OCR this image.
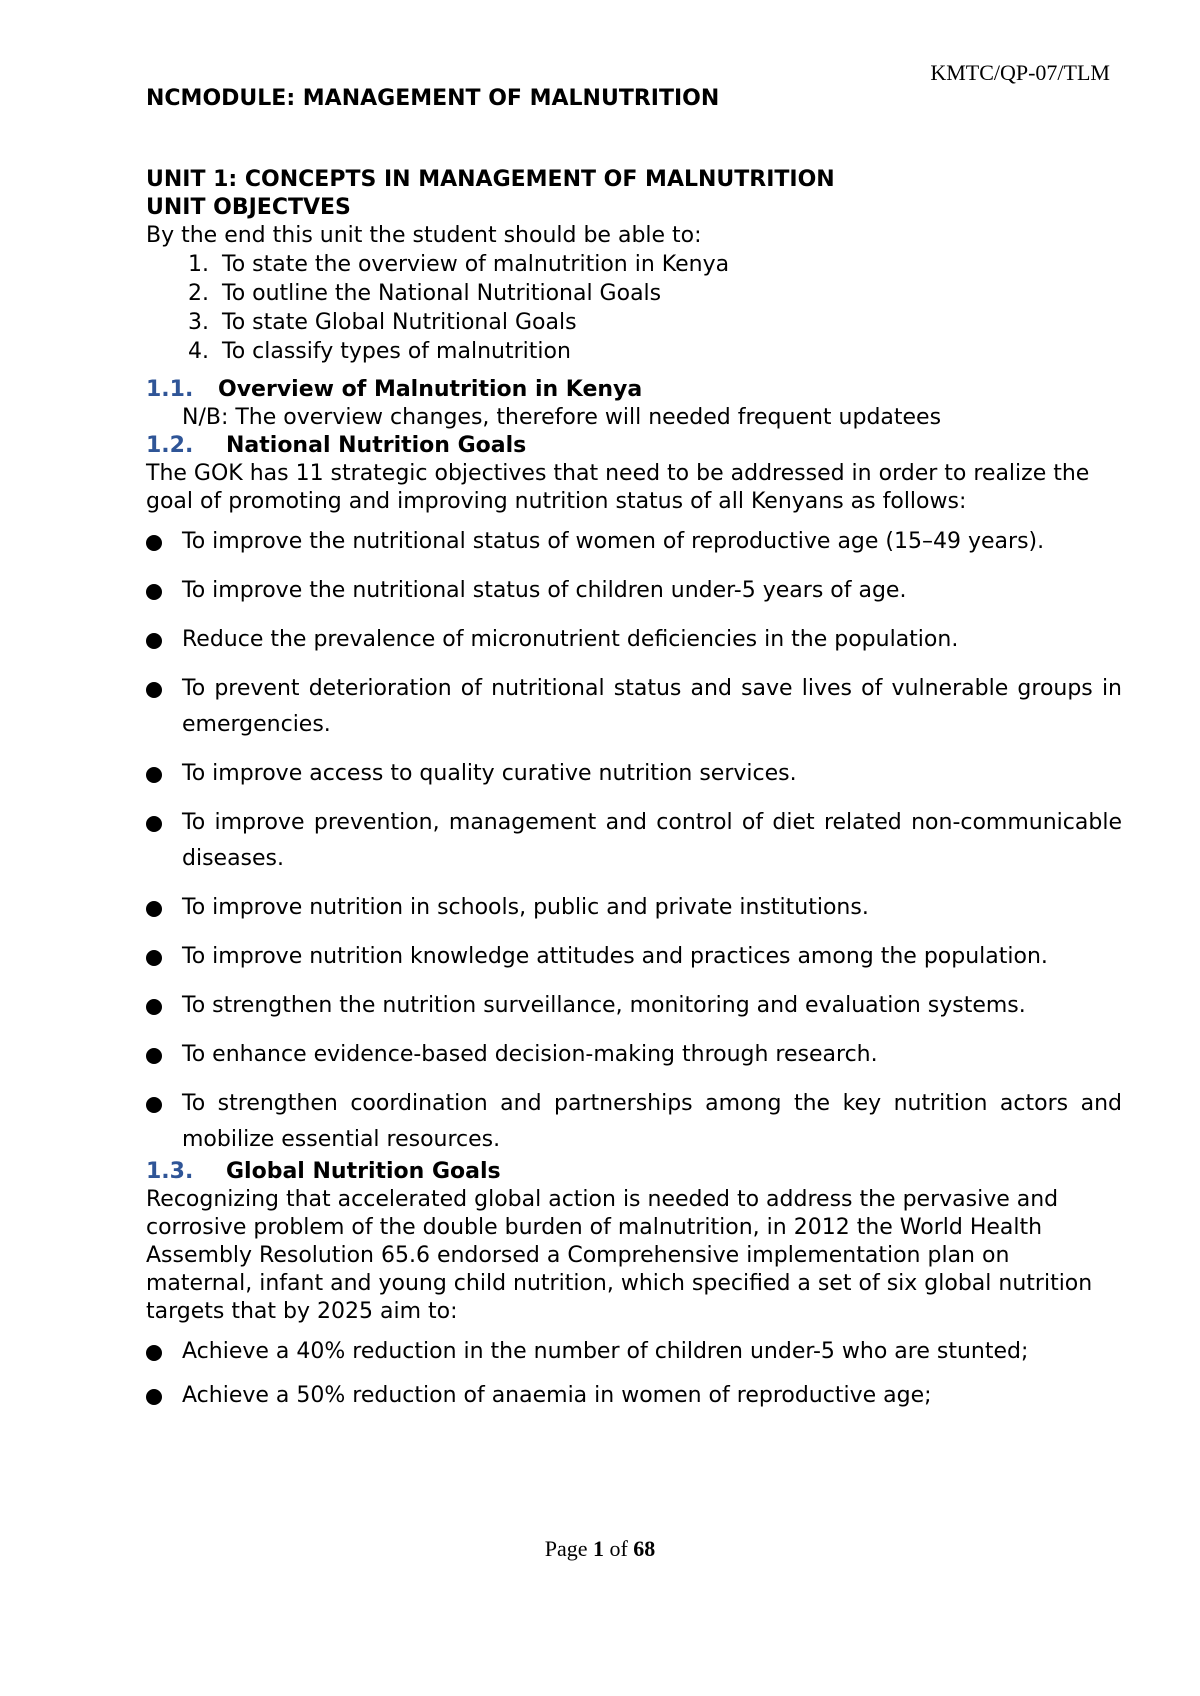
KMTC/QP-07/TLM

NCMODULE: MANAGEMENT OF MALNUTRITION

UNIT 1: CONCEPTS IN MANAGEMENT OF MALNUTRITION

UNIT OBJECTVES

By the end this unit the student should be able to:

1. To state the overview of malnutrition in Kenya
2. To outline the National Nutritional Goals
3. To state Global Nutritional Goals
4. To classify types of malnutrition
1.1.	Overview of Malnutrition in Kenya

N/B: The overview changes, therefore will needed frequent updatees

1.2.	National Nutrition Goals

The GOK has 11 strategic objectives that need to be addressed in order to realize the goal of promoting and improving nutrition status of all Kenyans as follows:

To improve the nutritional status of women of reproductive age (15–49 years).
To improve the nutritional status of children under-5 years of age.
Reduce the prevalence of micronutrient deficiencies in the population.
To prevent deterioration of nutritional status and save lives of vulnerable groups in emergencies.
To improve access to quality curative nutrition services.
To improve prevention, management and control of diet related non-communicable diseases.
To improve nutrition in schools, public and private institutions.
To improve nutrition knowledge attitudes and practices among the population.
To strengthen the nutrition surveillance, monitoring and evaluation systems.
To enhance evidence-based decision-making through research.
To strengthen coordination and partnerships among the key nutrition actors and mobilize essential resources.
1.3.	Global Nutrition Goals

Recognizing that accelerated global action is needed to address the pervasive and corrosive problem of the double burden of malnutrition, in 2012 the World Health Assembly Resolution 65.6 endorsed a Comprehensive implementation plan on maternal, infant and young child nutrition, which specified a set of six global nutrition targets that by 2025 aim to:

Achieve a 40% reduction in the number of children under-5 who are stunted;
Achieve a 50% reduction of anaemia in women of reproductive age;
Page 1 of 68
